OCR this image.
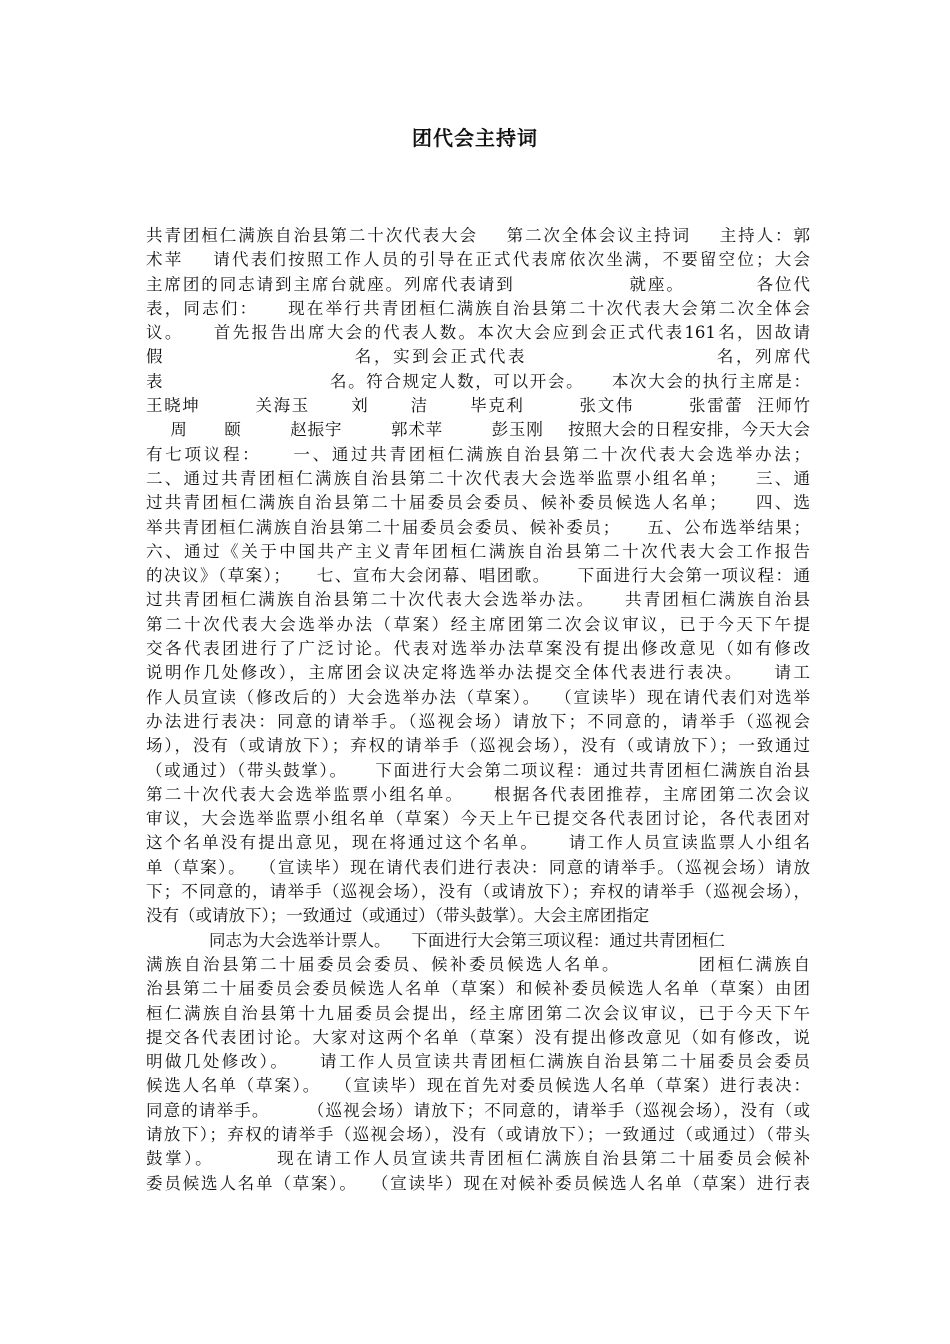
团代会主持词
共青团桓仁满族自治县第二十次代表大会    第二次全体会议主持词    主持人：郭
术苹    请代表们按照工作人员的引导在正式代表席依次坐满，不要留空位；大会
主席团的同志请到主席台就座。列席代表请到                就座。          各位代
表，同志们：    现在举行共青团桓仁满族自治县第二十次代表大会第二次全体会
议。    首先报告出席大会的代表人数。本次大会应到会正式代表161名，因故请
假                        名，实到会正式代表                        名，列席代
表                        名。符合规定人数，可以开会。    本次大会的执行主席是：
王晓坤        关海玉      刘      洁      毕克利        张文伟        张雷蕾  汪师竹
周      颐        赵振宇        郭术苹        彭玉刚    按照大会的日程安排，今天大会
有七项议程：    一、通过共青团桓仁满族自治县第二十次代表大会选举办法；
二、通过共青团桓仁满族自治县第二十次代表大会选举监票小组名单；    三、通
过共青团桓仁满族自治县第二十届委员会委员、候补委员候选人名单；    四、选
举共青团桓仁满族自治县第二十届委员会委员、候补委员；    五、公布选举结果；
六、通过《关于中国共产主义青年团桓仁满族自治县第二十次代表大会工作报告
的决议》（草案）；    七、宣布大会闭幕、唱团歌。    下面进行大会第一项议程：通
过共青团桓仁满族自治县第二十次代表大会选举办法。    共青团桓仁满族自治县
第二十次代表大会选举办法（草案）经主席团第二次会议审议，已于今天下午提
交各代表团进行了广泛讨论。代表对选举办法草案没有提出修改意见（如有修改
说明作几处修改），主席团会议决定将选举办法提交全体代表进行表决。    请工
作人员宣读（修改后的）大会选举办法（草案）。  （宣读毕）现在请代表们对选举
办法进行表决：同意的请举手。（巡视会场）请放下；不同意的，请举手（巡视会
场），没有（或请放下）；弃权的请举手（巡视会场），没有（或请放下）；一致通过
（或通过）（带头鼓掌）。    下面进行大会第二项议程：通过共青团桓仁满族自治县
第二十次代表大会选举监票小组名单。    根据各代表团推荐，主席团第二次会议
审议，大会选举监票小组名单（草案）今天上午已提交各代表团讨论，各代表团对
这个名单没有提出意见，现在将通过这个名单。    请工作人员宣读监票人小组名
单（草案）。  （宣读毕）现在请代表们进行表决：同意的请举手。（巡视会场）请放
下；不同意的，请举手（巡视会场），没有（或请放下）；弃权的请举手（巡视会场），
没有（或请放下）；一致通过（或通过）（带头鼓掌）。大会主席团指定
同志为大会选举计票人。    下面进行大会第三项议程：通过共青团桓仁
满族自治县第二十届委员会委员、候补委员候选人名单。          团桓仁满族自
治县第二十届委员会委员候选人名单（草案）和候补委员候选人名单（草案）由团
桓仁满族自治县第十九届委员会提出，经主席团第二次会议审议，已于今天下午
提交各代表团讨论。大家对这两个名单（草案）没有提出修改意见（如有修改，说
明做几处修改）。    请工作人员宣读共青团桓仁满族自治县第二十届委员会委员
候选人名单（草案）。  （宣读毕）现在首先对委员候选人名单（草案）进行表决：
同意的请举手。      （巡视会场）请放下；不同意的，请举手（巡视会场），没有（或
请放下）；弃权的请举手（巡视会场），没有（或请放下）；一致通过（或通过）（带头
鼓掌）。        现在请工作人员宣读共青团桓仁满族自治县第二十届委员会候补
委员候选人名单（草案）。  （宣读毕）现在对候补委员候选人名单（草案）进行表
